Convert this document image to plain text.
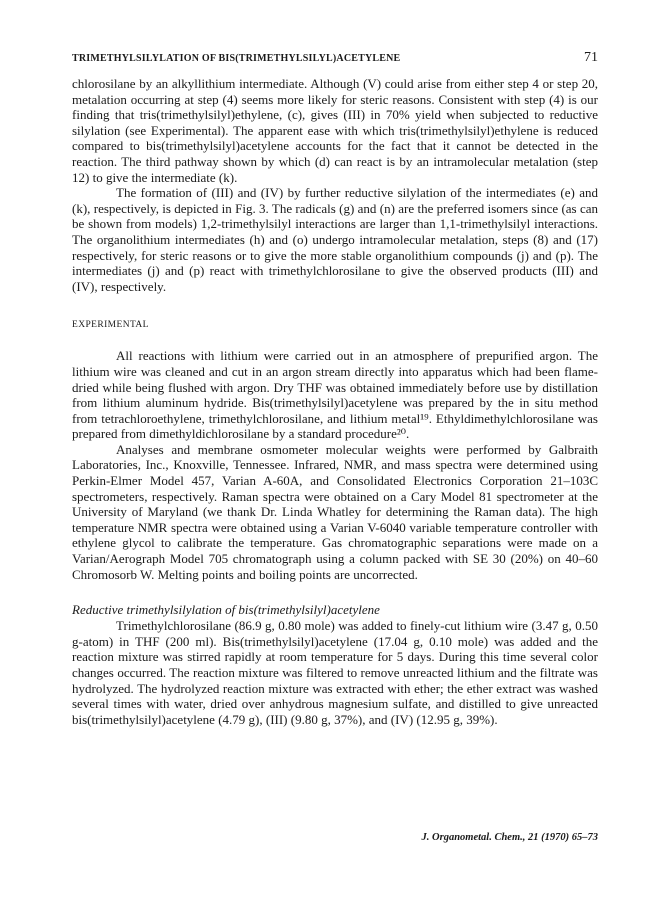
TRIMETHYLSILYLATION OF BIS(TRIMETHYLSILYL)ACETYLENE	71

chlorosilane by an alkyllithium intermediate. Although (V) could arise from either step 4 or step 20, metalation occurring at step (4) seems more likely for steric reasons. Consistent with step (4) is our finding that tris(trimethylsilyl)ethylene, (c), gives (III) in 70% yield when subjected to reductive silylation (see Experimental). The apparent ease with which tris(trimethylsilyl)ethylene is reduced compared to bis(trimethylsilyl)acetylene accounts for the fact that it cannot be detected in the reaction. The third pathway shown by which (d) can react is by an intramolecular metalation (step 12) to give the intermediate (k).

The formation of (III) and (IV) by further reductive silylation of the intermediates (e) and (k), respectively, is depicted in Fig. 3. The radicals (g) and (n) are the preferred isomers since (as can be shown from models) 1,2-trimethylsilyl interactions are larger than 1,1-trimethylsilyl interactions. The organolithium intermediates (h) and (o) undergo intramolecular metalation, steps (8) and (17) respectively, for steric reasons or to give the more stable organolithium compounds (j) and (p). The intermediates (j) and (p) react with trimethylchlorosilane to give the observed products (III) and (IV), respectively.

EXPERIMENTAL

All reactions with lithium were carried out in an atmosphere of prepurified argon. The lithium wire was cleaned and cut in an argon stream directly into apparatus which had been flame-dried while being flushed with argon. Dry THF was obtained immediately before use by distillation from lithium aluminum hydride. Bis(trimethylsilyl)acetylene was prepared by the in situ method from tetrachloroethylene, trimethylchlorosilane, and lithium metal¹⁹. Ethyldimethylchlorosilane was prepared from dimethyldichlorosilane by a standard procedure²⁰.

Analyses and membrane osmometer molecular weights were performed by Galbraith Laboratories, Inc., Knoxville, Tennessee. Infrared, NMR, and mass spectra were determined using Perkin-Elmer Model 457, Varian A-60A, and Consolidated Electronics Corporation 21–103C spectrometers, respectively. Raman spectra were obtained on a Cary Model 81 spectrometer at the University of Maryland (we thank Dr. Linda Whatley for determining the Raman data). The high temperature NMR spectra were obtained using a Varian V-6040 variable temperature controller with ethylene glycol to calibrate the temperature. Gas chromatographic separations were made on a Varian/Aerograph Model 705 chromatograph using a column packed with SE 30 (20%) on 40–60 Chromosorb W. Melting points and boiling points are uncorrected.

Reductive trimethylsilylation of bis(trimethylsilyl)acetylene

Trimethylchlorosilane (86.9 g, 0.80 mole) was added to finely-cut lithium wire (3.47 g, 0.50 g-atom) in THF (200 ml). Bis(trimethylsilyl)acetylene (17.04 g, 0.10 mole) was added and the reaction mixture was stirred rapidly at room temperature for 5 days. During this time several color changes occurred. The reaction mixture was filtered to remove unreacted lithium and the filtrate was hydrolyzed. The hydrolyzed reaction mixture was extracted with ether; the ether extract was washed several times with water, dried over anhydrous magnesium sulfate, and distilled to give unreacted bis(trimethylsilyl)acetylene (4.79 g), (III) (9.80 g, 37%), and (IV) (12.95 g, 39%).

J. Organometal. Chem., 21 (1970) 65–73
